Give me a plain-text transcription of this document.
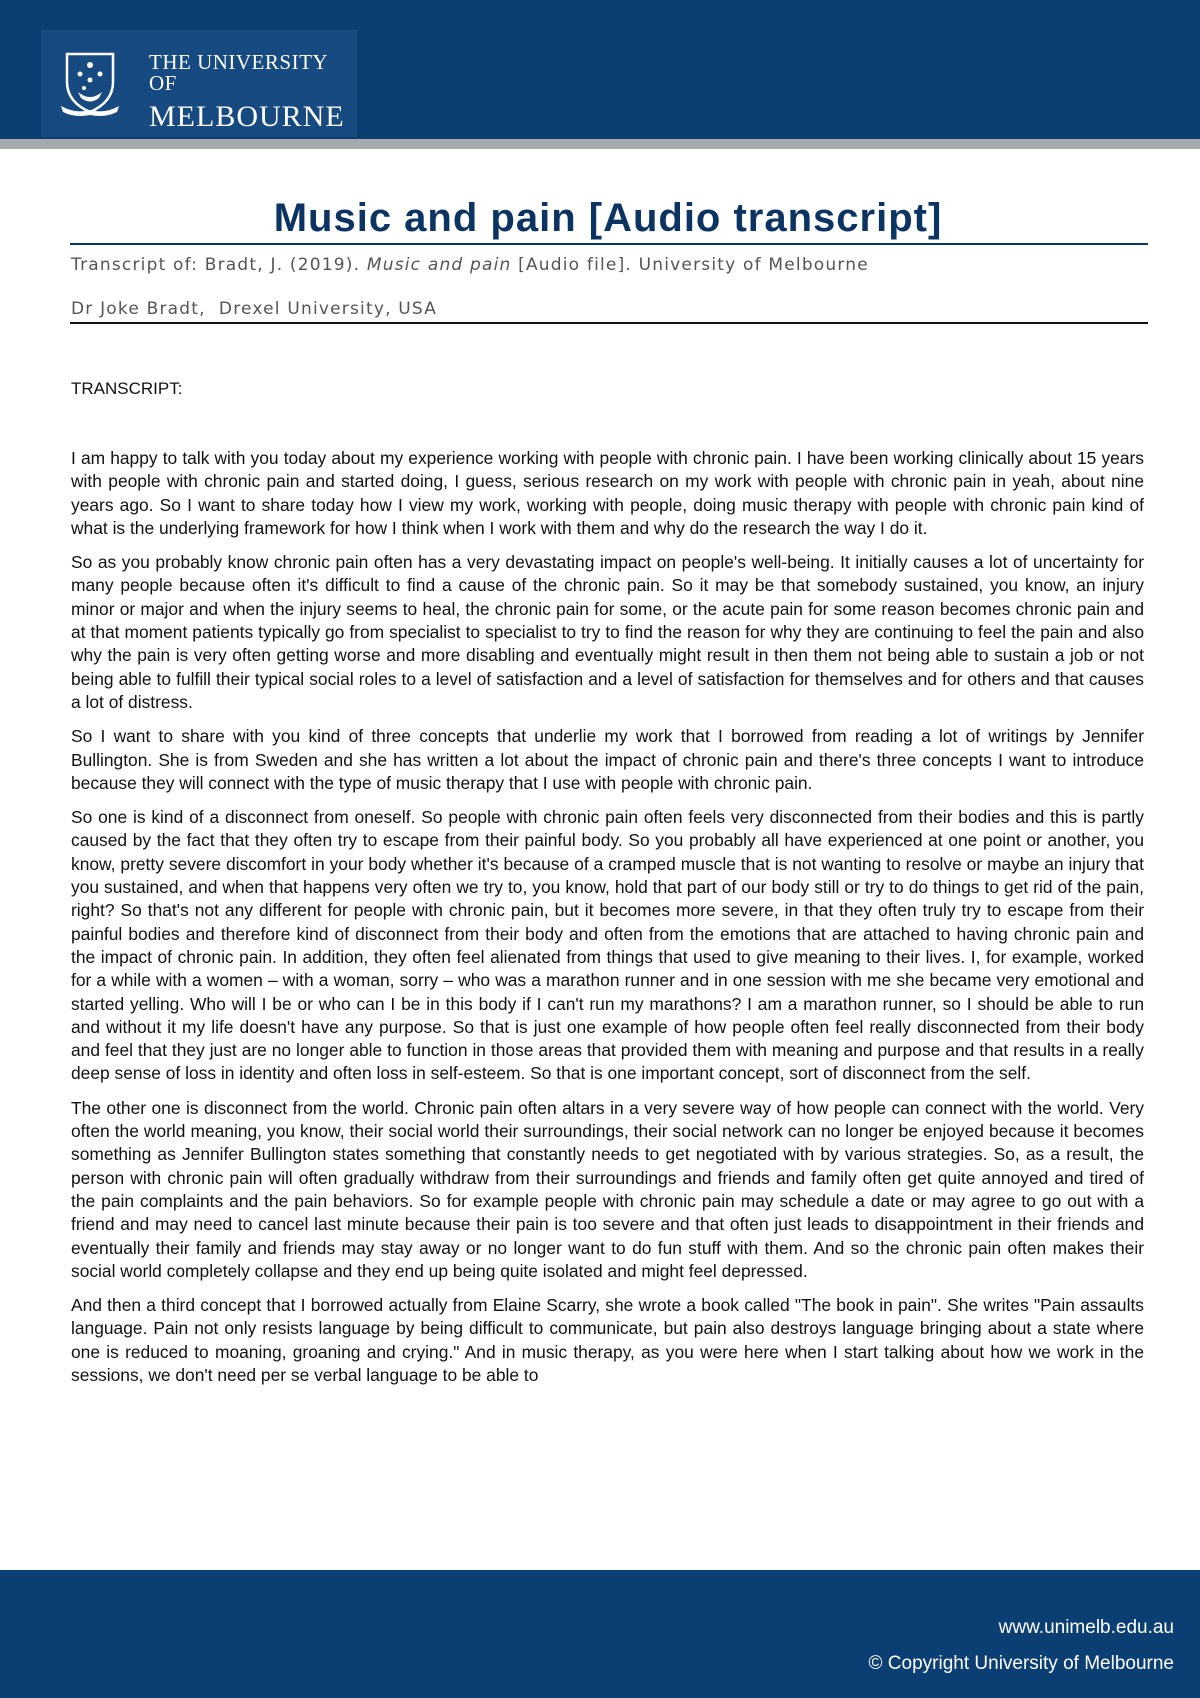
THE UNIVERSITY OF
MELBOURNE
Music and pain [Audio transcript]
Transcript of: Bradt, J. (2019). Music and pain [Audio file]. University of Melbourne
Dr Joke Bradt,  Drexel University, USA
TRANSCRIPT:

I am happy to talk with you today about my experience working with people with chronic pain. I have been working clinically about 15 years with people with chronic pain and started doing, I guess, serious research on my work with people with chronic pain in yeah, about nine years ago. So I want to share today how I view my work, working with people, doing music therapy with people with chronic pain kind of what is the underlying framework for how I think when I work with them and why do the research the way I do it.

So as you probably know chronic pain often has a very devastating impact on people's well-being. It initially causes a lot of uncertainty for many people because often it's difficult to find a cause of the chronic pain. So it may be that somebody sustained, you know, an injury minor or major and when the injury seems to heal, the chronic pain for some, or the acute pain for some reason becomes chronic pain and at that moment patients typically go from specialist to specialist to try to find the reason for why they are continuing to feel the pain and also why the pain is very often getting worse and more disabling and eventually might result in then them not being able to sustain a job or not being able to fulfill their typical social roles to a level of satisfaction and a level of satisfaction for themselves and for others and that causes a lot of distress.

So I want to share with you kind of three concepts that underlie my work that I borrowed from reading a lot of writings by Jennifer Bullington. She is from Sweden and she has written a lot about the impact of chronic pain and there's three concepts I want to introduce because they will connect with the type of music therapy that I use with people with chronic pain.

So one is kind of a disconnect from oneself. So people with chronic pain often feels very disconnected from their bodies and this is partly caused by the fact that they often try to escape from their painful body. So you probably all have experienced at one point or another, you know, pretty severe discomfort in your body whether it's because of a cramped muscle that is not wanting to resolve or maybe an injury that you sustained, and when that happens very often we try to, you know, hold that part of our body still or try to do things to get rid of the pain, right? So that's not any different for people with chronic pain, but it becomes more severe, in that they often truly try to escape from their painful bodies and therefore kind of disconnect from their body and often from the emotions that are attached to having chronic pain and the impact of chronic pain. In addition, they often feel alienated from things that used to give meaning to their lives. I, for example, worked for a while with a women – with a woman, sorry – who was a marathon runner and in one session with me she became very emotional and started yelling. Who will I be or who can I be in this body if I can't run my marathons? I am a marathon runner, so I should be able to run and without it my life doesn't have any purpose. So that is just one example of how people often feel really disconnected from their body and feel that they just are no longer able to function in those areas that provided them with meaning and purpose and that results in a really deep sense of loss in identity and often loss in self-esteem. So that is one important concept, sort of disconnect from the self.

The other one is disconnect from the world. Chronic pain often altars in a very severe way of how people can connect with the world. Very often the world meaning, you know, their social world their surroundings, their social network can no longer be enjoyed because it becomes something as Jennifer Bullington states something that constantly needs to get negotiated with by various strategies. So, as a result, the person with chronic pain will often gradually withdraw from their surroundings and friends and family often get quite annoyed and tired of the pain complaints and the pain behaviors. So for example people with chronic pain may schedule a date or may agree to go out with a friend and may need to cancel last minute because their pain is too severe and that often just leads to disappointment in their friends and eventually their family and friends may stay away or no longer want to do fun stuff with them. And so the chronic pain often makes their social world completely collapse and they end up being quite isolated and might feel depressed.

And then a third concept that I borrowed actually from Elaine Scarry, she wrote a book called "The book in pain". She writes "Pain assaults language. Pain not only resists language by being difficult to communicate, but pain also destroys language bringing about a state where one is reduced to moaning, groaning and crying." And in music therapy, as you were here when I start talking about how we work in the sessions, we don't need per se verbal language to be able to

www.unimelb.edu.au
© Copyright University of Melbourne
